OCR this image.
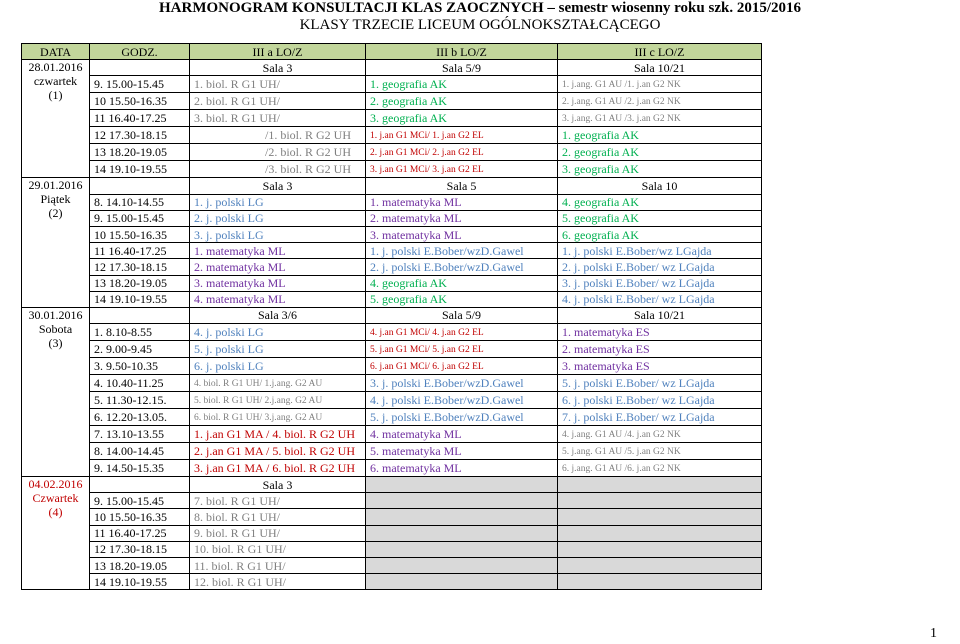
HARMONOGRAM KONSULTACJI KLAS ZAOCZNYCH – semestr wiosenny roku szk. 2015/2016
KLASY TRZECIE LICEUM OGÓLNOKSZTAŁCĄCEGO
DATA	GODZ.	III a LO/Z	III b LO/Z	III c LO/Z

28.01.2016
czwartek
(1)		Sala 3	Sala 5/9	Sala 10/21
	9. 15.00-15.45	1. biol. R G1 UH/	1. geografia AK	1. j.ang. G1 AU /1. j.an G2 NK
	10 15.50-16.35	2. biol. R G1 UH/	2. geografia AK	2. j.ang. G1 AU /2. j.an G2 NK
	11 16.40-17.25	3. biol. R G1 UH/	3. geografia AK	3. j.ang. G1 AU /3. j.an G2 NK
	12 17.30-18.15	/1. biol. R G2 UH	1. j.an G1 MCi/ 1. j.an G2 EL	1. geografia AK
	13 18.20-19.05	/2. biol. R G2 UH	2. j.an G1 MCi/ 2. j.an G2 EL	2. geografia AK
	14 19.10-19.55	/3. biol. R G2 UH	3. j.an G1 MCi/ 3. j.an G2 EL	3. geografia AK

29.01.2016
Piątek
(2)		Sala 3	Sala 5	Sala 10
	8. 14.10-14.55	1. j. polski LG	1. matematyka ML	4. geografia AK
	9. 15.00-15.45	2. j. polski LG	2. matematyka ML	5. geografia AK
	10 15.50-16.35	3. j. polski LG	3. matematyka ML	6. geografia AK
	11 16.40-17.25	1. matematyka ML	1. j. polski E.Bober/wzD.Gawel	1. j. polski E.Bober/wz LGajda
	12 17.30-18.15	2. matematyka ML	2. j. polski E.Bober/wzD.Gawel	2. j. polski E.Bober/ wz LGajda
	13 18.20-19.05	3. matematyka ML	4. geografia AK	3. j. polski E.Bober/ wz LGajda
	14 19.10-19.55	4. matematyka ML	5. geografia AK	4. j. polski E.Bober/ wz LGajda

30.01.2016
Sobota
(3)		Sala 3/6	Sala 5/9	Sala 10/21
	1. 8.10-8.55	4. j. polski LG	4. j.an G1 MCi/ 4. j.an G2 EL	1. matematyka ES
	2. 9.00-9.45	5. j. polski LG	5. j.an G1 MCi/ 5. j.an G2 EL	2. matematyka ES
	3. 9.50-10.35	6. j. polski LG	6. j.an G1 MCi/ 6. j.an G2 EL	3. matematyka ES
	4. 10.40-11.25	4. biol. R G1 UH/ 1.j.ang. G2 AU	3. j. polski E.Bober/wzD.Gawel	5. j. polski E.Bober/ wz LGajda
	5. 11.30-12.15.	5. biol. R G1 UH/ 2.j.ang. G2 AU	4. j. polski E.Bober/wzD.Gawel	6. j. polski E.Bober/ wz LGajda
	6. 12.20-13.05.	6. biol. R G1 UH/ 3.j.ang. G2 AU	5. j. polski E.Bober/wzD.Gawel	7. j. polski E.Bober/ wz LGajda
	7. 13.10-13.55	1. j.an G1 MA / 4. biol. R G2 UH	4. matematyka ML	4. j.ang. G1 AU /4. j.an G2 NK
	8. 14.00-14.45	2. j.an G1 MA / 5. biol. R G2 UH	5. matematyka ML	5. j.ang. G1 AU /5. j.an G2 NK
	9. 14.50-15.35	3. j.an G1 MA / 6. biol. R G2 UH	6. matematyka ML	6. j.ang. G1 AU /6. j.an G2 NK

04.02.2016
Czwartek
(4)		Sala 3		
	9. 15.00-15.45	7. biol. R G1 UH/		
	10 15.50-16.35	8. biol. R G1 UH/		
	11 16.40-17.25	9. biol. R G1 UH/		
	12 17.30-18.15	10. biol. R G1 UH/		
	13 18.20-19.05	11. biol. R G1 UH/		
	14 19.10-19.55	12. biol. R G1 UH/		
1
